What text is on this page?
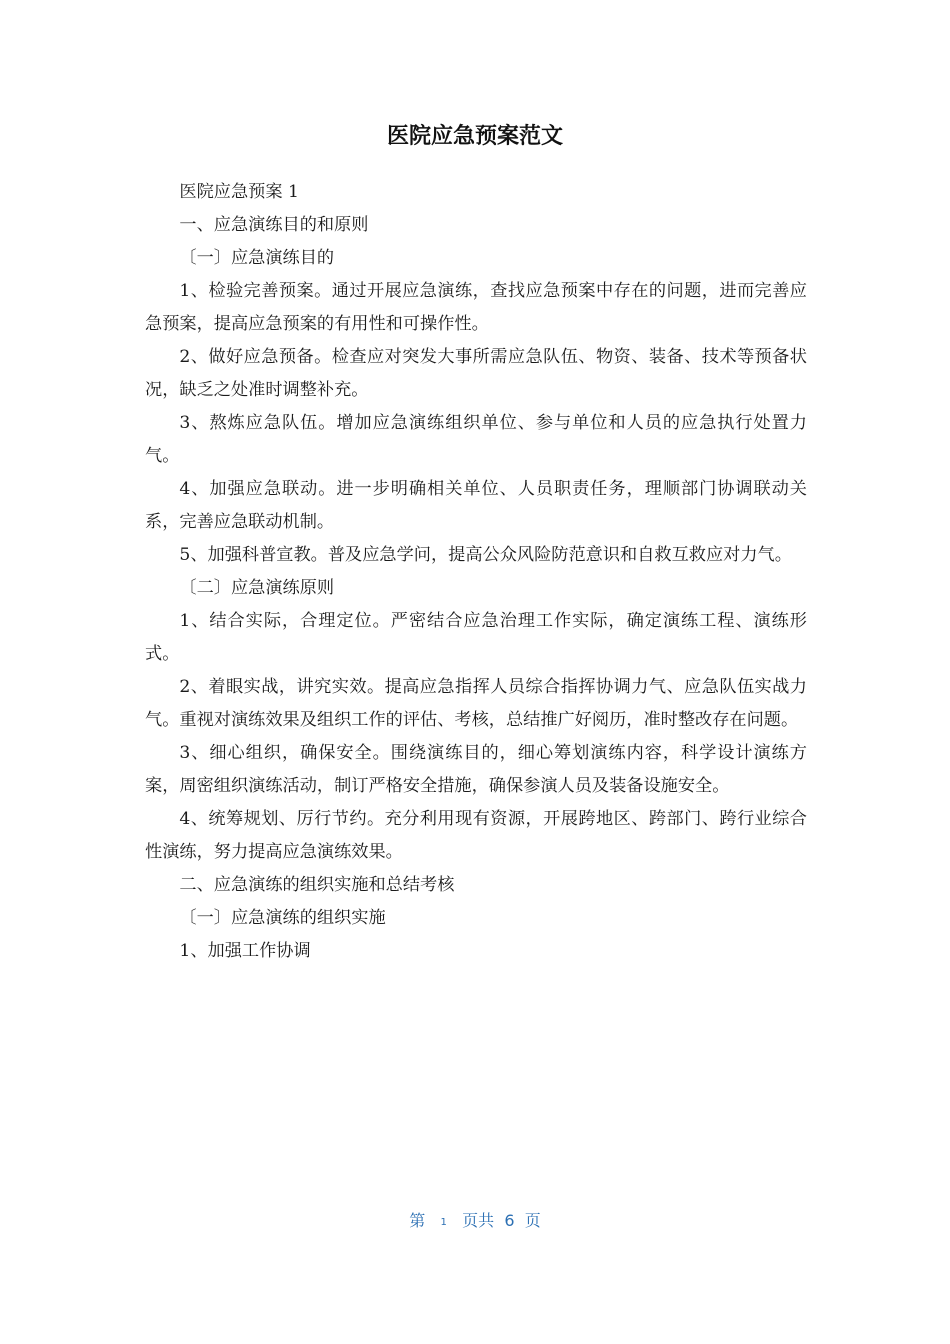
医院应急预案范文

医院应急预案 1

一、应急演练目的和原则

〔一〕应急演练目的

1、检验完善预案。通过开展应急演练，查找应急预案中存在的问题，进而完善应急预案，提高应急预案的有用性和可操作性。

2、做好应急预备。检查应对突发大事所需应急队伍、物资、装备、技术等预备状况，缺乏之处准时调整补充。

3、熬炼应急队伍。增加应急演练组织单位、参与单位和人员的应急执行处置力气。

4、加强应急联动。进一步明确相关单位、人员职责任务，理顺部门协调联动关系，完善应急联动机制。

5、加强科普宣教。普及应急学问，提高公众风险防范意识和自救互救应对力气。

〔二〕应急演练原则

1、结合实际，合理定位。严密结合应急治理工作实际，确定演练工程、演练形式。

2、着眼实战，讲究实效。提高应急指挥人员综合指挥协调力气、应急队伍实战力气。重视对演练效果及组织工作的评估、考核，总结推广好阅历，准时整改存在问题。

3、细心组织，确保安全。围绕演练目的，细心筹划演练内容，科学设计演练方案，周密组织演练活动，制订严格安全措施，确保参演人员及装备设施安全。

4、统筹规划、厉行节约。充分利用现有资源，开展跨地区、跨部门、跨行业综合性演练，努力提高应急演练效果。

二、应急演练的组织实施和总结考核

〔一〕应急演练的组织实施

1、加强工作协调

第 1 页共 6 页
